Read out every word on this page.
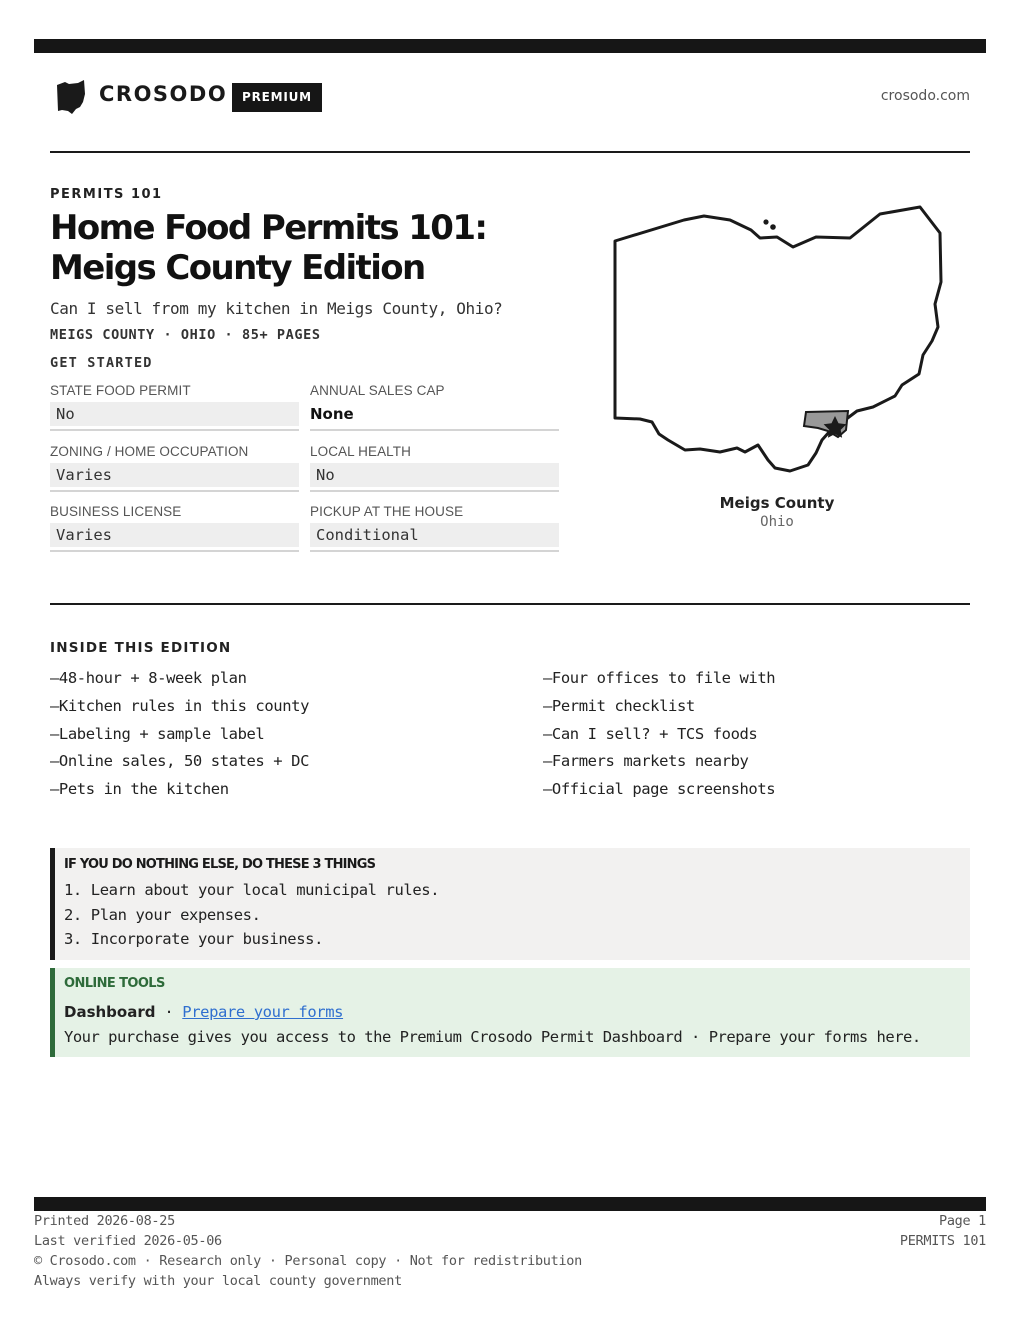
CROSODO	PREMIUM	crosodo.com
PERMITS 101
Home Food Permits 101: Meigs County Edition
Can I sell from my kitchen in Meigs County, Ohio?
MEIGS COUNTY · OHIO · 85+ PAGES
GET STARTED
STATE FOOD PERMIT
No
ANNUAL SALES CAP
None
ZONING / HOME OCCUPATION
Varies
LOCAL HEALTH
No
BUSINESS LICENSE
Varies
PICKUP AT THE HOUSE
Conditional
Meigs County
Ohio
INSIDE THIS EDITION
—48-hour + 8-week plan
—Kitchen rules in this county
—Labeling + sample label
—Online sales, 50 states + DC
—Pets in the kitchen
—Four offices to file with
—Permit checklist
—Can I sell? + TCS foods
—Farmers markets nearby
—Official page screenshots
IF YOU DO NOTHING ELSE, DO THESE 3 THINGS
1. Learn about your local municipal rules.
2. Plan your expenses.
3. Incorporate your business.
ONLINE TOOLS
Dashboard · Prepare your forms
Your purchase gives you access to the Premium Crosodo Permit Dashboard · Prepare your forms here.
Printed 2026-08-25
Last verified 2026-05-06
© Crosodo.com · Research only · Personal copy · Not for redistribution
Always verify with your local county government
Page 1
PERMITS 101
